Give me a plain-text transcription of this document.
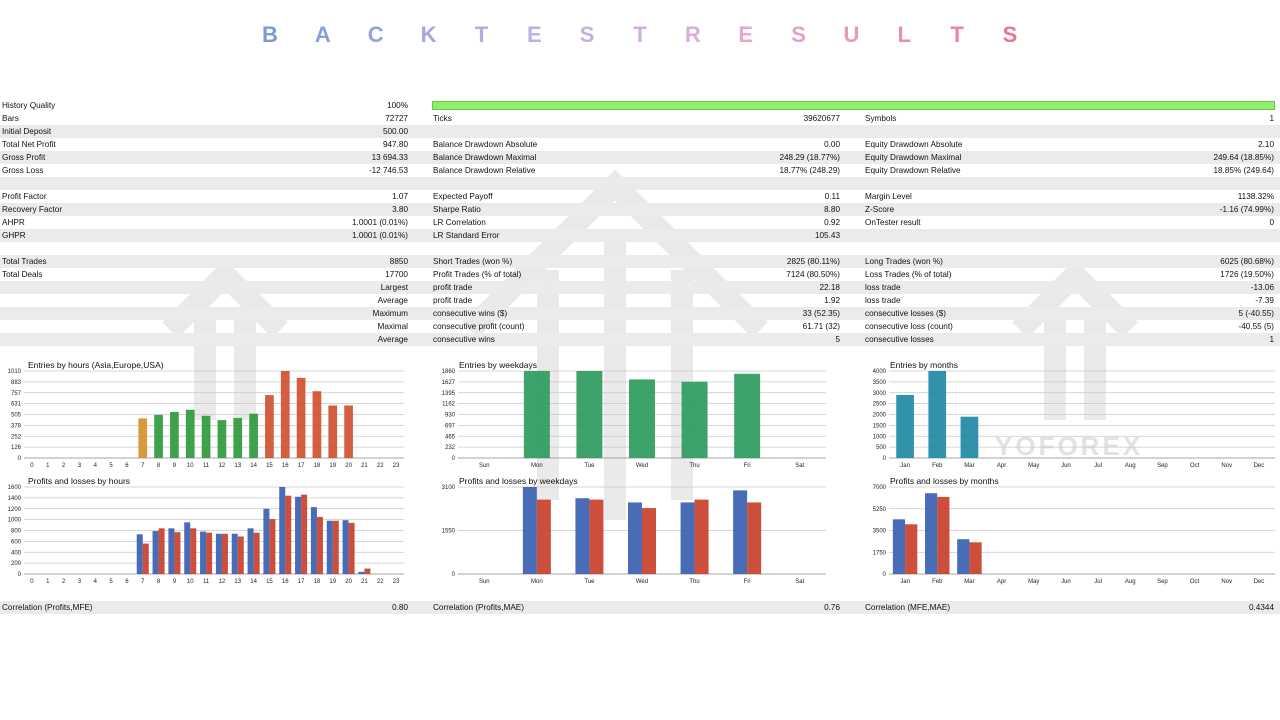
YOFOREX
B A C K T E S T R E S U L T S
History Quality	100%
Bars	72727	Ticks	39620677	Symbols	1
Initial Deposit	500.00
Total Net Profit	947.80	Balance Drawdown Absolute	0.00	Equity Drawdown Absolute	2.10
Gross Profit	13 694.33	Balance Drawdown Maximal	248.29 (18.77%)	Equity Drawdown Maximal	249.64 (18.85%)
Gross Loss	-12 746.53	Balance Drawdown Relative	18.77% (248.29)	Equity Drawdown Relative	18.85% (249.64)
Profit Factor	1.07	Expected Payoff	0.11	Margin Level	1138.32%
Recovery Factor	3.80	Sharpe Ratio	8.80	Z-Score	-1.16 (74.99%)
AHPR	1.0001 (0.01%)	LR Correlation	0.92	OnTester result	0
GHPR	1.0001 (0.01%)	LR Standard Error	105.43
Total Trades	8850	Short Trades (won %)	2825 (80.11%)	Long Trades (won %)	6025 (80.68%)
Total Deals	17700	Profit Trades (% of total)	7124 (80.50%)	Loss Trades (% of total)	1726 (19.50%)
Largest	profit trade	22.18	loss trade	-13.06
Average	profit trade	1.92	loss trade	-7.39
Maximum	consecutive wins ($)	33 (52.35)	consecutive losses ($)	5 (-40.55)
Maximal	consecutive profit (count)	61.71 (32)	consecutive loss (count)	-40.55 (5)
Average	consecutive wins	5	consecutive losses	1
Entries by hours (Asia,Europe,USA)
0
126
252
378
505
631
757
883
1010
0 1 2 3 4 5 6 7 8 9 10 11 12 13 14 15 16 17 18 19 20 21 22 23
Entries by weekdays
0
232
465
697
930
1162
1395
1627
1860
Sun	Mon	Tue	Wed	Thu	Fri	Sat
Entries by months
0
500
1000
1500
2000
2500
3000
3500
4000
Jan	Feb	Mar	Apr	May	Jun	Jul	Aug	Sep	Oct	Nov	Dec
Profits and losses by hours
0
200
400
600
800
1000
1200
1400
1600
0 1 2 3 4 5 6 7 8 9 10 11 12 13 14 15 16 17 18 19 20 21 22 23
Profits and losses by weekdays
0
1550
3100
Sun	Mon	Tue	Wed	Thu	Fri	Sat
Profits and losses by months
0
1750
3500
5250
7000
Jan	Feb	Mar	Apr	May	Jun	Jul	Aug	Sep	Oct	Nov	Dec
Correlation (Profits,MFE)	0.80	Correlation (Profits,MAE)	0.76	Correlation (MFE,MAE)	0.4344
